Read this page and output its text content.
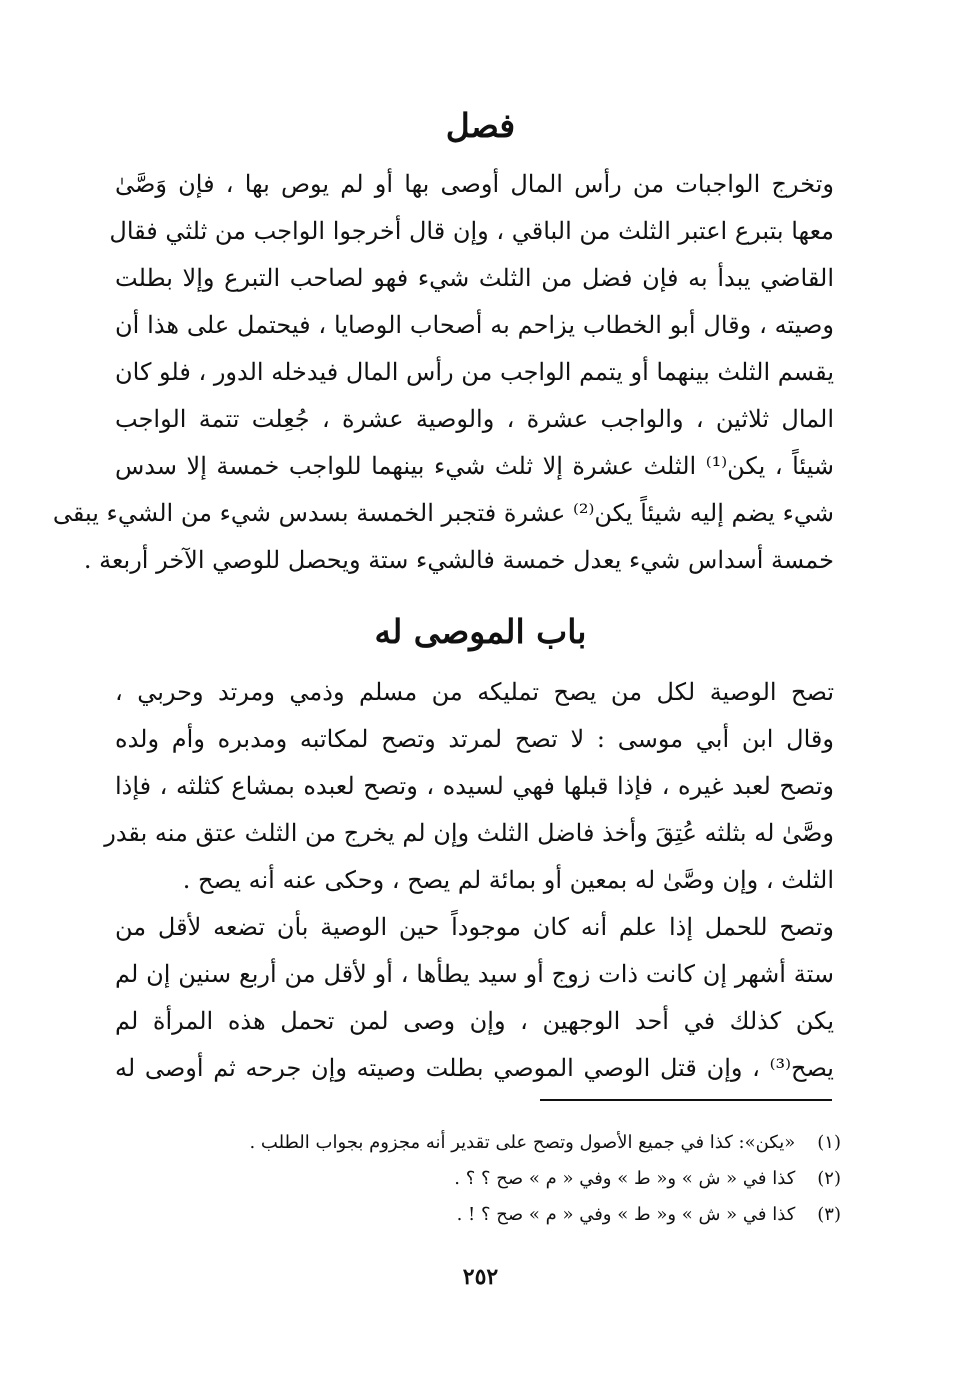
فصل
وتخرج الواجبات من رأس المال أوصى بها أو لم يوص بها ، فإن وَصَّىٰ
معها بتبرع اعتبر الثلث من الباقي ، وإن قال أخرجوا الواجب من ثلثي فقال
القاضي يبدأ به فإن فضل من الثلث شيء فهو لصاحب التبرع وإلا بطلت
وصيته ، وقال أبو الخطاب يزاحم به أصحاب الوصايا ، فيحتمل على هذا أن
يقسم الثلث بينهما أو يتمم الواجب من رأس المال فيدخله الدور ، فلو كان
المال ثلاثين ، والواجب عشرة ، والوصية عشرة ، جُعِلت تتمة الواجب
شيئاً ، يكن⁽¹⁾ الثلث عشرة إلا ثلث شيء بينهما للواجب خمسة إلا سدس
شيء يضم إليه شيئاً يكن⁽²⁾ عشرة فتجبر الخمسة بسدس شيء من الشيء يبقى
خمسة أسداس شيء يعدل خمسة فالشيء ستة ويحصل للوصي الآخر أربعة .
باب الموصى له
تصح الوصية لكل من يصح تمليكه من مسلم وذمي ومرتد وحربي ،
وقال ابن أبي موسى : لا تصح لمرتد وتصح لمكاتبه ومدبره وأم ولده
وتصح لعبد غيره ، فإذا قبلها فهي لسيده ، وتصح لعبده بمشاع كثلثه ، فإذا
وصَّىٰ له بثلثه عُتِقَ وأخذ فاضل الثلث وإن لم يخرج من الثلث عتق منه بقدر
الثلث ، وإن وصَّىٰ له بمعين أو بمائة لم يصح ، وحكى عنه أنه يصح .
وتصح للحمل إذا علم أنه كان موجوداً حين الوصية بأن تضعه لأقل من
ستة أشهر إن كانت ذات زوج أو سيد يطأها ، أو لأقل من أربع سنين إن لم
يكن كذلك في أحد الوجهين ، وإن وصى لمن تحمل هذه المرأة لم
يصح⁽³⁾ ، وإن قتل الوصي الموصي بطلت وصيته وإن جرحه ثم أوصى له
(١) «يكن»: كذا في جميع الأصول وتصح على تقدير أنه مجزوم بجواب الطلب .
(٢) كذا في « ش » و« ط » وفي « م » صح ؟ ؟ .
(٣) كذا في « ش » و« ط » وفي « م » صح ؟ ! .
٢٥٢
